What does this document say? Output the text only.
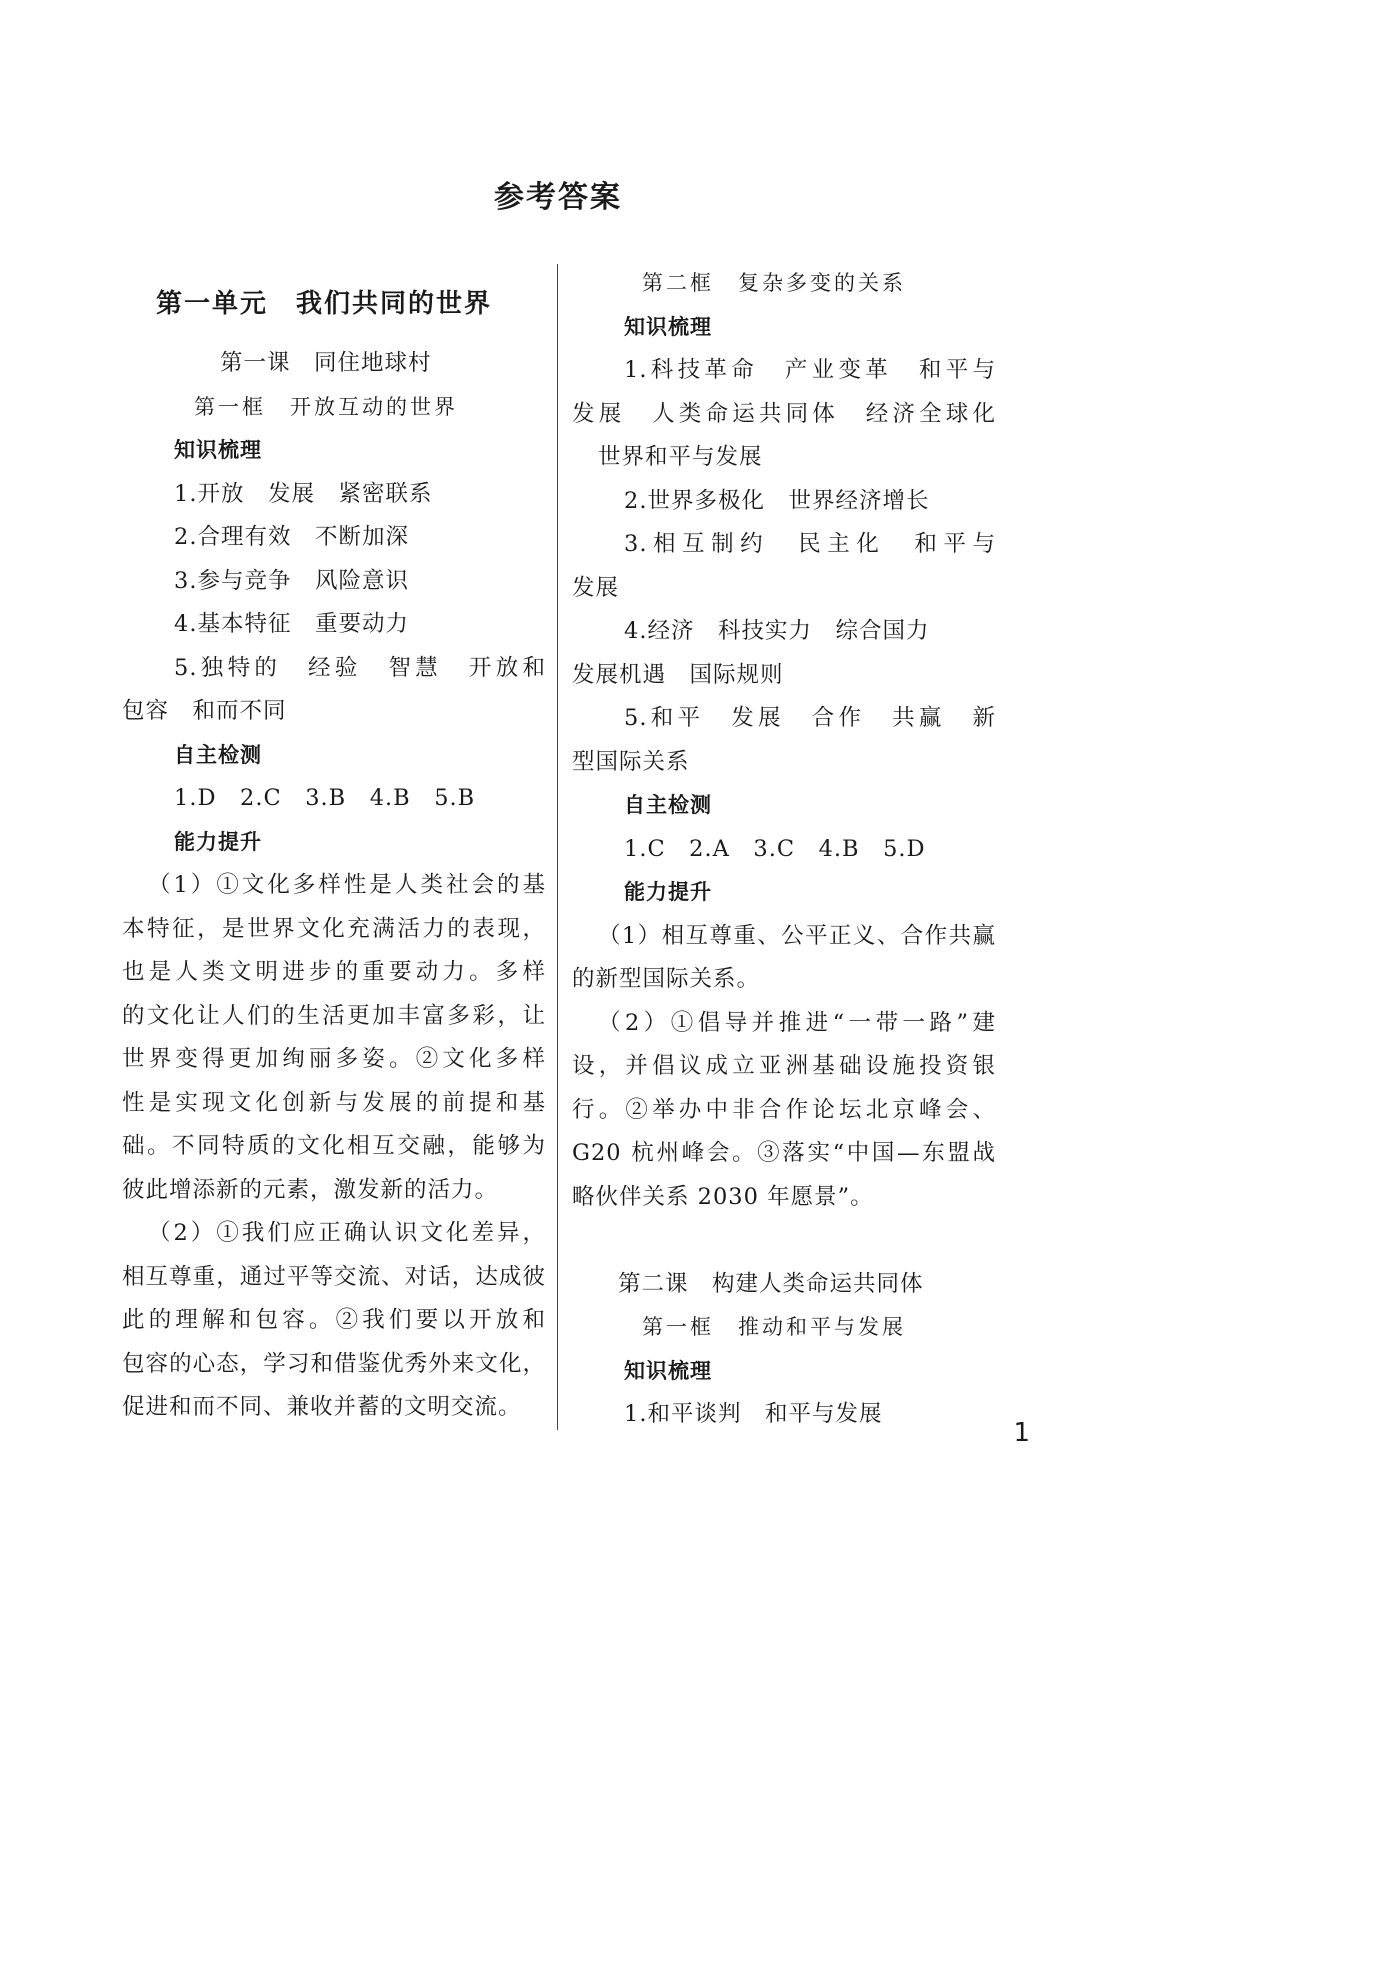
参考答案
第一单元　我们共同的世界
第一课　同住地球村
第一框　开放互动的世界
知识梳理
1.开放　发展　紧密联系
2.合理有效　不断加深
3.参与竞争　风险意识
4.基本特征　重要动力
5.独特的　经验　智慧　开放和
包容　和而不同
自主检测
1.D　2.C　3.B　4.B　5.B
能力提升
（1）①文化多样性是人类社会的基
本特征，是世界文化充满活力的表现，
也是人类文明进步的重要动力。多样
的文化让人们的生活更加丰富多彩，让
世界变得更加绚丽多姿。②文化多样
性是实现文化创新与发展的前提和基
础。不同特质的文化相互交融，能够为
彼此增添新的元素，激发新的活力。
（2）①我们应正确认识文化差异，
相互尊重，通过平等交流、对话，达成彼
此的理解和包容。②我们要以开放和
包容的心态，学习和借鉴优秀外来文化，
促进和而不同、兼收并蓄的文明交流。
第二框　复杂多变的关系
知识梳理
1.科技革命　产业变革　和平与
发展　人类命运共同体　经济全球化
世界和平与发展
2.世界多极化　世界经济增长
3.相互制约　民主化　和平与
发展
4.经济　科技实力　综合国力
发展机遇　国际规则
5.和平　发展　合作　共赢　新
型国际关系
自主检测
1.C　2.A　3.C　4.B　5.D
能力提升
（1）相互尊重、公平正义、合作共赢
的新型国际关系。
（2）①倡导并推进“一带一路”建
设，并倡议成立亚洲基础设施投资银
行。②举办中非合作论坛北京峰会、
G20 杭州峰会。③落实“中国—东盟战
略伙伴关系 2030 年愿景”。
第二课　构建人类命运共同体
第一框　推动和平与发展
知识梳理
1.和平谈判　和平与发展
1
